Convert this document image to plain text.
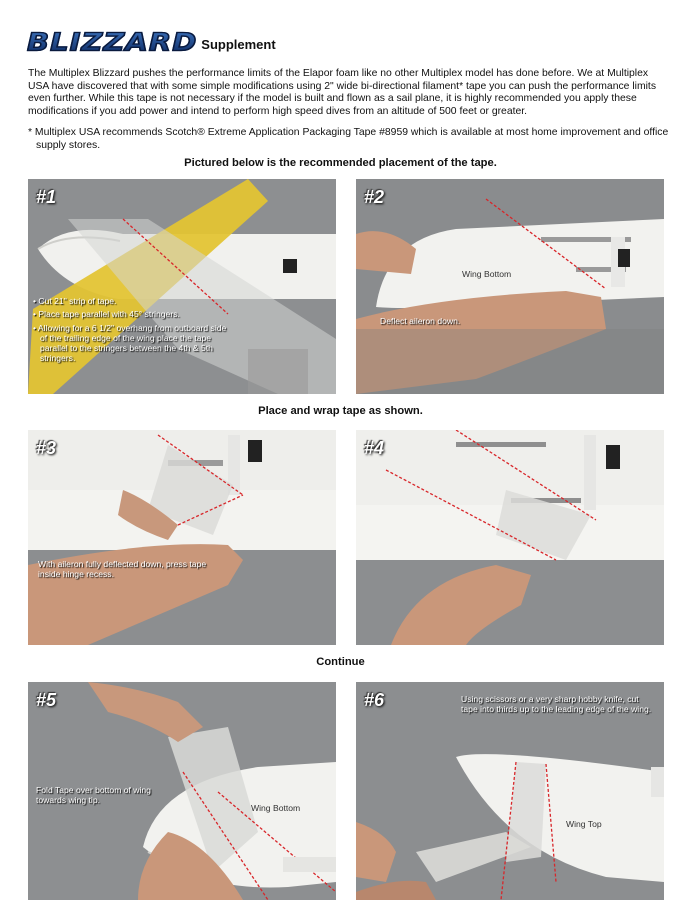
BLIZZARD Supplement

The Multiplex Blizzard pushes the performance limits of the Elapor foam like no other Multiplex model has done before. We at Multiplex USA have discovered that with some simple modifications using 2" wide bi-directional filament* tape you can push the performance limits even further. While this tape is not necessary if the model is built and flown as a sail plane, it is highly recommended you apply these modifications if you add power and intend to perform high speed dives from an altitude of 500 feet or greater.

* Multiplex USA recommends Scotch® Extreme Application Packaging Tape #8959 which is available at most home improvement and office supply stores.

Pictured below is the recommended placement of the tape.
#1
• Cut 21" strip of tape.
• Place tape parallel with 45° stringers.
• Allowing for a 6 1/2" overhang from outboard side of the trailing edge of the wing place the tape parallel to the stringers between the 4th & 5th stringers.
#2
Wing Bottom
Deflect aileron down.
Place and wrap tape as shown.
#3
With aileron fully deflected down, press tape inside hinge recess.
#4
Continue
#5
Wing Bottom
Fold Tape over bottom of wing towards wing tip.
#6	Using scissors or a very sharp hobby knife, cut tape into thirds up to the leading edge of the wing.
Wing Top
